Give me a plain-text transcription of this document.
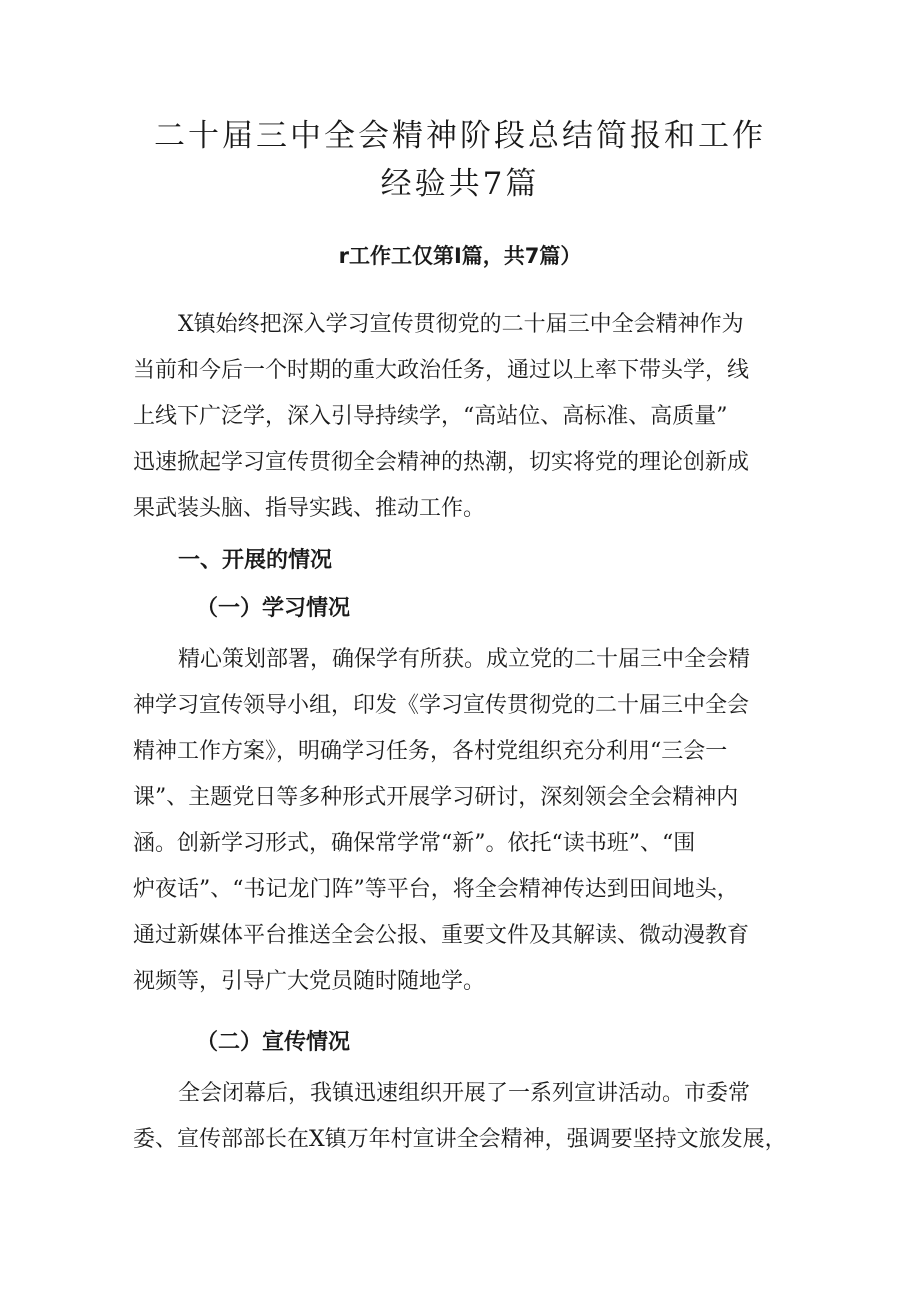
二十届三中全会精神阶段总结简报和工作
经验共7篇
r工作工仅第I篇，共7篇）
X镇始终把深入学习宣传贯彻党的二十届三中全会精神作为
当前和今后一个时期的重大政治任务，通过以上率下带头学，线
上线下广泛学，深入引导持续学，“高站位、高标准、高质量”
迅速掀起学习宣传贯彻全会精神的热潮，切实将党的理论创新成
果武装头脑、指导实践、推动工作。
一、开展的情况
（一）学习情况
精心策划部署，确保学有所获。成立党的二十届三中全会精
神学习宣传领导小组，印发《学习宣传贯彻党的二十届三中全会
精神工作方案》，明确学习任务，各村党组织充分利用“三会一
课”、主题党日等多种形式开展学习研讨，深刻领会全会精神内
涵。创新学习形式，确保常学常“新”。依托“读书班”、“围
炉夜话”、“书记龙门阵”等平台，将全会精神传达到田间地头，
通过新媒体平台推送全会公报、重要文件及其解读、微动漫教育
视频等，引导广大党员随时随地学。
（二）宣传情况
全会闭幕后，我镇迅速组织开展了一系列宣讲活动。市委常
委、宣传部部长在X镇万年村宣讲全会精神，强调要坚持文旅发展，
